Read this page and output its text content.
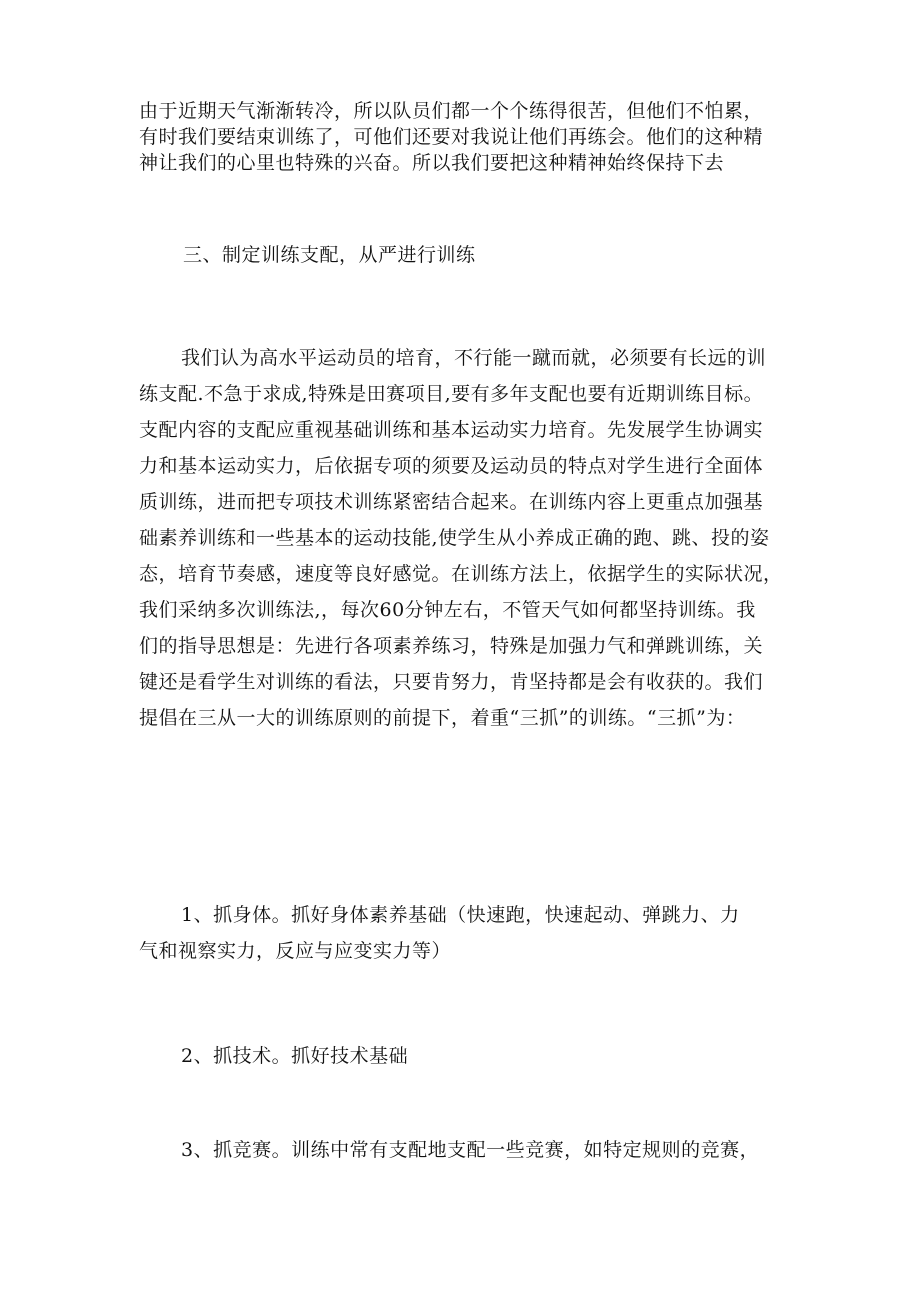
由于近期天气渐渐转冷，所以队员们都一个个练得很苦，但他们不怕累，
有时我们要结束训练了，可他们还要对我说让他们再练会。他们的这种精
神让我们的心里也特殊的兴奋。所以我们要把这种精神始终保持下去
三、制定训练支配，从严进行训练
我们认为高水平运动员的培育，不行能一蹴而就，必须要有长远的训
练支配.不急于求成,特殊是田赛项目,要有多年支配也要有近期训练目标。
支配内容的支配应重视基础训练和基本运动实力培育。先发展学生协调实
力和基本运动实力，后依据专项的须要及运动员的特点对学生进行全面体
质训练，进而把专项技术训练紧密结合起来。在训练内容上更重点加强基
础素养训练和一些基本的运动技能,使学生从小养成正确的跑、跳、投的姿
态，培育节奏感，速度等良好感觉。在训练方法上，依据学生的实际状况，
我们采纳多次训练法,，每次60分钟左右，不管天气如何都坚持训练。我
们的指导思想是：先进行各项素养练习，特殊是加强力气和弹跳训练，关
键还是看学生对训练的看法，只要肯努力，肯坚持都是会有收获的。我们
提倡在三从一大的训练原则的前提下，着重“三抓”的训练。“三抓”为：
1、抓身体。抓好身体素养基础（快速跑，快速起动、弹跳力、力
气和视察实力，反应与应变实力等）
2、抓技术。抓好技术基础
3、抓竞赛。训练中常有支配地支配一些竞赛，如特定规则的竞赛，
